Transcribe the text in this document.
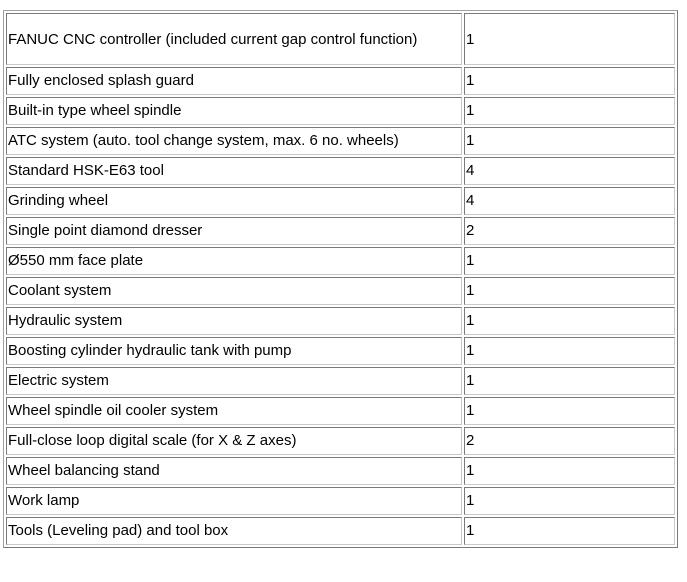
FANUC CNC controller (included current gap control function)	1
Fully enclosed splash guard	1
Built-in type wheel spindle	1
ATC system (auto. tool change system, max. 6 no. wheels)	1
Standard HSK-E63 tool	4
Grinding wheel	4
Single point diamond dresser	2
Ø550 mm face plate	1
Coolant system	1
Hydraulic system	1
Boosting cylinder hydraulic tank with pump	1
Electric system	1
Wheel spindle oil cooler system	1
Full-close loop digital scale (for X & Z axes)	2
Wheel balancing stand	1
Work lamp	1
Tools (Leveling pad) and tool box	1
